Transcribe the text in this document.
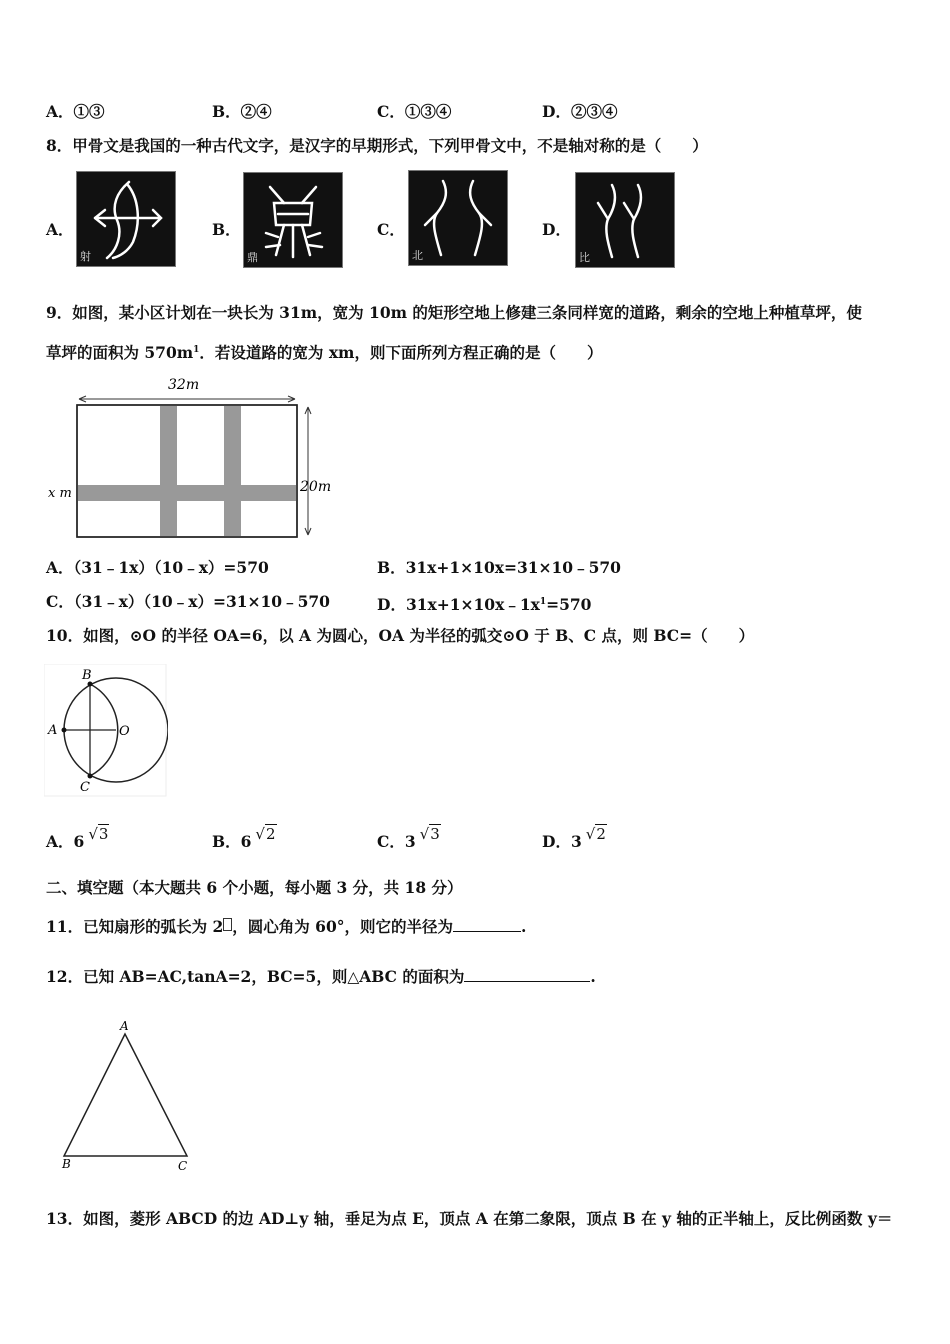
A．①③	B．②④	C．①③④	D．②③④
8．甲骨文是我国的一种古代文字，是汉字的早期形式，下列甲骨文中，不是轴对称的是（　　）
A．
射
B．
鼎
C．
北
D．
比
9．如图，某小区计划在一块长为 31m，宽为 10m 的矩形空地上修建三条同样宽的道路，剩余的空地上种植草坪，使
草坪的面积为 $570m^1$．若设道路的宽为 xm，则下面所列方程正确的是（　　）
32m
20m
x m
A．（31﹣1x）（10﹣x）=570	B．31x+1×10x=31×10﹣570
C．（31﹣x）（10﹣x）=31×10﹣570	D．$31x+1\times 10x﹣1x^1=570$
10．如图，⊙O 的半径 OA=6，以 A 为圆心，OA 为半径的弧交⊙O 于 B、C 点，则 BC=（　　）
A
B
C
O
A．6 √3	B．6 √2	C．3 √3	D．3 √2
二、填空题（本大题共 6 个小题，每小题 3 分，共 18 分）
11．已知扇形的弧长为 2 ，圆心角为 60°，则它的半径为	.
12．已知 AB=AC,tanA=2，BC=5，则△ABC 的面积为	.
A
B	C
13．如图，菱形 ABCD 的边 AD⊥y 轴，垂足为点 E，顶点 A 在第二象限，顶点 B 在 y 轴的正半轴上，反比例函数 y＝
